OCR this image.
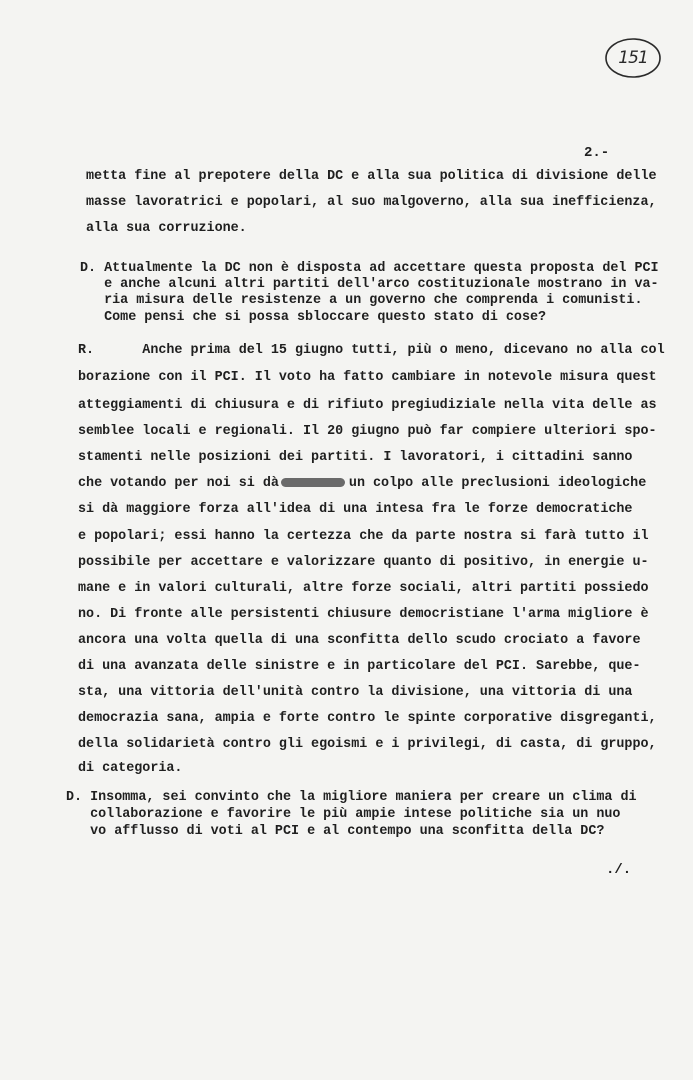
151
2.-
metta fine al prepotere della DC e alla sua politica di divisione delle
masse lavoratrici e popolari, al suo malgoverno, alla sua inefficienza,
alla sua corruzione.
D. Attualmente la DC non è disposta ad accettare questa proposta del PCI
e anche alcuni altri partiti dell'arco costituzionale mostrano in va-
ria misura delle resistenze a un governo che comprenda i comunisti.
Come pensi che si possa sbloccare questo stato di cose?
R.      Anche prima del 15 giugno tutti, più o meno, dicevano no alla col
borazione con il PCI. Il voto ha fatto cambiare in notevole misura quest
atteggiamenti di chiusura e di rifiuto pregiudiziale nella vita delle as
semblee locali e regionali. Il 20 giugno può far compiere ulteriori spo-
stamenti nelle posizioni dei partiti. I lavoratori, i cittadini sanno
che votando per noi si dà	un colpo alle preclusioni ideologiche
si dà maggiore forza all'idea di una intesa fra le forze democratiche
e popolari; essi hanno la certezza che da parte nostra si farà tutto il
possibile per accettare e valorizzare quanto di positivo, in energie u-
mane e in valori culturali, altre forze sociali, altri partiti possiedo
no. Di fronte alle persistenti chiusure democristiane l'arma migliore è
ancora una volta quella di una sconfitta dello scudo crociato a favore
di una avanzata delle sinistre e in particolare del PCI. Sarebbe, que-
sta, una vittoria dell'unità contro la divisione, una vittoria di una
democrazia sana, ampia e forte contro le spinte corporative disgreganti,
della solidarietà contro gli egoismi e i privilegi, di casta, di gruppo,
di categoria.
D. Insomma, sei convinto che la migliore maniera per creare un clima di
collaborazione e favorire le più ampie intese politiche sia un nuo
vo afflusso di voti al PCI e al contempo una sconfitta della DC?
./.
